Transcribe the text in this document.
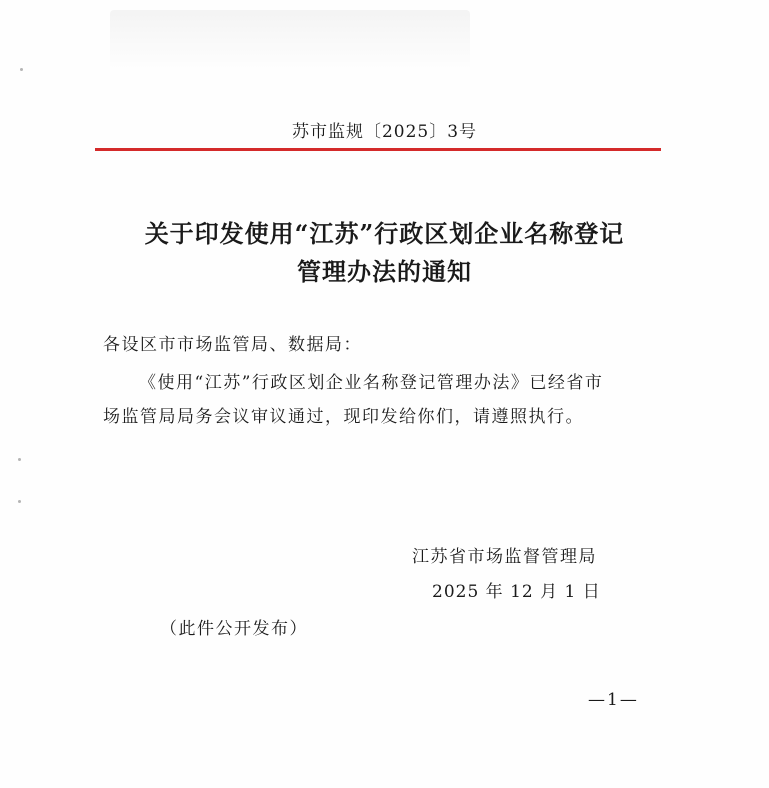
苏市监规〔2025〕3号
关于印发使用“江苏”行政区划企业名称登记
管理办法的通知
各设区市市场监管局、数据局：
《使用“江苏”行政区划企业名称登记管理办法》已经省市
场监管局局务会议审议通过，现印发给你们，请遵照执行。
江苏省市场监督管理局
2025 年 12 月 1 日
（此件公开发布）
—1—
